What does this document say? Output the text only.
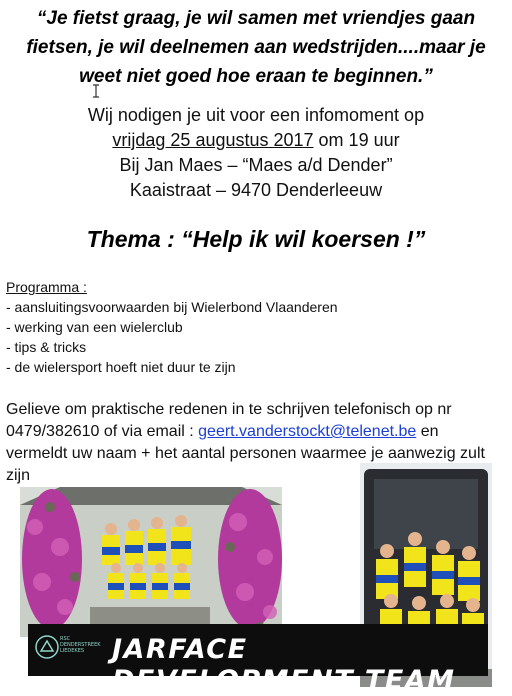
“Je fietst graag, je wil samen met vriendjes gaan
fietsen, je wil deelnemen aan wedstrijden....maar je
weet niet goed hoe eraan te beginnen.”
Wij nodigen je uit voor een infomoment op
vrijdag 25 augustus 2017 om 19 uur
Bij Jan Maes – “Maes a/d Dender”
Kaaistraat – 9470 Denderleeuw
Thema : “Help ik wil koersen !”
Programma :
- aansluitingsvoorwaarden bij Wielerbond Vlaanderen
- werking van een wielerclub
- tips & tricks
- de wielersport hoeft niet duur te zijn
Gelieve om praktische redenen in te schrijven telefonisch op nr 0479/382610 of via email : geert.vanderstockt@telenet.be en vermeldt uw naam + het aantal personen waarmee je aanwezig zult zijn
RSC DENDERSTREEK LIEDEKES	JARFACE DEVELOPMENT TEAM
